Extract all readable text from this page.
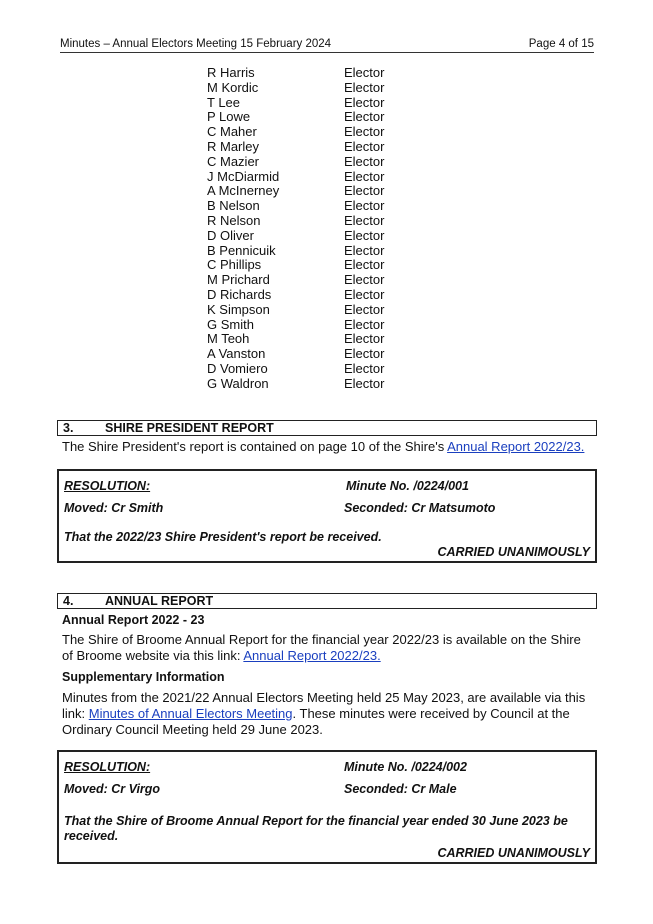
Minutes – Annual Electors Meeting 15 February 2024	Page 4 of 15
R Harris	Elector
M Kordic	Elector
T Lee	Elector
P Lowe	Elector
C Maher	Elector
R Marley	Elector
C Mazier	Elector
J McDiarmid	Elector
A McInerney	Elector
B Nelson	Elector
R Nelson	Elector
D Oliver	Elector
B Pennicuik	Elector
C Phillips	Elector
M Prichard	Elector
D Richards	Elector
K Simpson	Elector
G Smith	Elector
M Teoh	Elector
A Vanston	Elector
D Vomiero	Elector
G Waldron	Elector
3.	SHIRE PRESIDENT REPORT
The Shire President's report is contained on page 10 of the Shire's Annual Report 2022/23.
RESOLUTION:	Minute No. /0224/001
Moved: Cr Smith	Seconded: Cr Matsumoto
That the 2022/23 Shire President's report be received.
CARRIED UNANIMOUSLY
4.	ANNUAL REPORT
Annual Report 2022 - 23
The Shire of Broome Annual Report for the financial year 2022/23 is available on the Shire
of Broome website via this link: Annual Report 2022/23.
Supplementary Information
Minutes from the 2021/22 Annual Electors Meeting held 25 May 2023, are available via this
link: Minutes of Annual Electors Meeting. These minutes were received by Council at the
Ordinary Council Meeting held 29 June 2023.
RESOLUTION:	Minute No. /0224/002
Moved: Cr Virgo	Seconded: Cr Male
That the Shire of Broome Annual Report for the financial year ended 30 June 2023 be
received.
CARRIED UNANIMOUSLY
